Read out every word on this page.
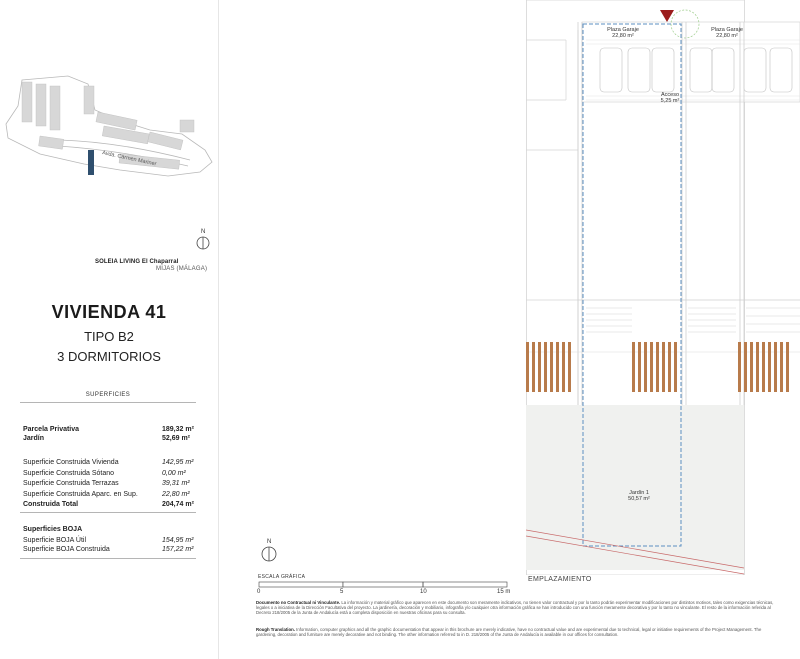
Avda. Carmen Mariner
N
SOLEIA LIVING El Chaparral
MIJAS (MÁLAGA)
VIVIENDA 41
TIPO B2
3 DORMITORIOS
SUPERFICIES
Parcela Privativa	189,32 m²
Jardín	52,69 m²
Superficie Construida Vivienda	142,95 m²
Superficie Construida Sótano	0,00 m²
Superficie Construida Terrazas	39,31 m²
Superficie Construida Aparc. en Sup.	22,80 m²
Construida Total	204,74 m²
Superficies BOJA
Superficie BOJA Útil	154,95 m²
Superficie BOJA Construida	157,22 m²
N
ESCALA GRÁFICA
0	5	10	15 m
Plaza Garaje
22,80 m²
Plaza Garaje
22,80 m²
Acceso
5,25 m²
Jardín 1
50,57 m²
EMPLAZAMIENTO
Documento no Contractual ni Vinculante. La información y material gráfico que aparecen en este documento son meramente indicativos, no tienen valor contractual y por lo tanto podrán experimentar modificaciones por distintos motivos, tales como exigencias técnicas, legales o a iniciativa de la Dirección Facultativa del proyecto. La jardinería, decoración y mobiliario, infografía y/o cualquier otra información gráfica se han introducido con una función meramente decorativa y por lo tanto no vinculante. El resto de la información referida al Decreto 218/2005 de la Junta de Andalucía está a completa disposición en nuestras oficinas para su consulta.
Rough Translation. Information, computer graphics and all the graphic documentation that appear in this brochure are merely indicative, have no contractual value and are experimental due to technical, legal or initiative requirements of the Project Management. The gardening, decoration and furniture are merely decorative and not binding. The other information referred to in D. 218/2005 of the Junta de Andalucía is available in our offices for consultation.
